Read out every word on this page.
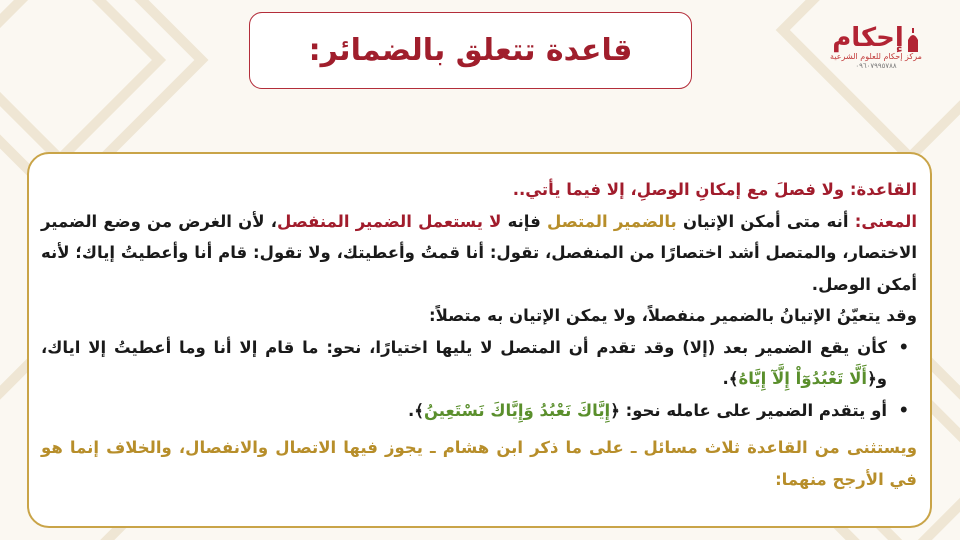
قاعدة تتعلق بالضمائر:	إحكام
مركز إحكام للعلوم الشرعية
٠٩٦٠٧٩٩٥٧٨٨

القاعدة: ولا فصلَ مع إمكانِ الوصلِ، إلا فيما يأتي..

المعنى: أنه متى أمكن الإتيان بالضمير المتصل فإنه لا يستعمل الضمير المنفصل، لأن الغرض من وضع الضمير الاختصار، والمتصل أشد اختصارًا من المنفصل، تقول: أنا قمتُ وأعطيتك، ولا تقول: قام أنا وأعطيتُ إياك؛ لأنه أمكن الوصل.

وقد يتعيّنُ الإتيانُ بالضمير منفصلاً، ولا يمكن الإتيان به متصلاً:

•
كأن يقع الضمير بعد (إلا) وقد تقدم أن المتصل لا يليها اختيارًا، نحو: ما قام إلا أنا وما أعطيتُ إلا اياك، و﴿أَلَّا تَعْبُدُوٓاْ إِلَّآ إِيَّاهُ﴾.
•
أو يتقدم الضمير على عامله نحو: ﴿إِيَّاكَ نَعْبُدُ وَإِيَّاكَ نَسْتَعِينُ﴾.

ويستثنى من القاعدة ثلاث مسائل ـ على ما ذكر ابن هشام ـ يجوز فيها الاتصال والانفصال، والخلاف إنما هو في الأرجح منهما:
